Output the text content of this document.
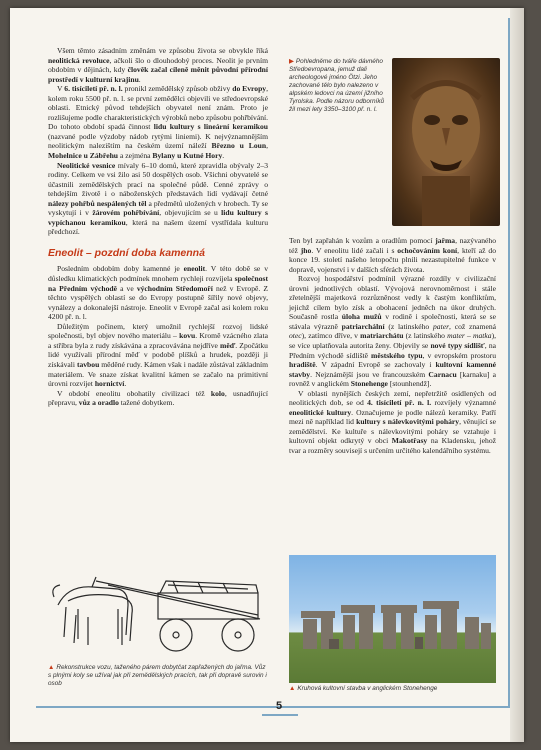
Všem těmto zásadním změnám ve způsobu života se obvykle říká neolitická revoluce, ačkoli šlo o dlouhodobý proces. Neolit je prvním obdobím v dějinách, kdy člověk začal cíleně měnit původní přírodní prostředí v kulturní krajinu.

V 6. tisíciletí př. n. l. pronikl zemědělský způsob obživy do Evropy, kolem roku 5500 př. n. l. se první zemědělci objevili ve středoevropské oblasti. Etnický původ tehdejších obyvatel není znám. Proto je rozlišujeme podle charakteristických výrobků nebo způsobu pohřbívání. Do tohoto období spadá činnost lidu kultury s lineární keramikou (nazvané podle výzdoby nádob rytými liniemi). K nejvýznamnějším neolitickým nalezištím na českém území náleží Březno u Loun, Mohelnice u Zábřehu a zejména Bylany u Kutné Hory.

Neolitické vesnice mívaly 6–10 domů, které zpravidla obývaly 2–3 rodiny. Celkem ve vsi žilo asi 50 dospělých osob. Všichni obyvatelé se účastnili zemědělských prací na společné půdě. Cenné zprávy o tehdejším životě i o náboženských představách lidí vydávají četné nálezy pohřbů nespálených těl a předmětů uložených v hrobech. Ty se vyskytují i v žárovém pohřbívání, objevujícím se u lidu kultury s vypíchanou keramikou, která na našem území vystřídala kulturu předchozí.

Eneolit – pozdní doba kamenná

Posledním obdobím doby kamenné je eneolit. V této době se v důsledku klimatických podmínek mnohem rychleji rozvíjela společnost na Předním východě a ve východním Středomoří než v Evropě. Z těchto vyspělých oblastí se do Evropy postupně šířily nové objevy, vynálezy a dokonalejší nástroje. Eneolit v Evropě začal asi kolem roku 4200 př. n. l.

Důležitým počinem, který umožnil rychlejší rozvoj lidské společnosti, byl objev nového materiálu – kovu. Kromě vzácného zlata a stříbra byla z rudy získávána a zpracovávána nejdříve měď. Zpočátku lidé využívali přírodní měď v podobě plíšků a hrudek, později ji získávali tavbou měděné rudy. Kámen však i nadále zůstával základním materiálem. Ve snaze získat kvalitní kámen se začalo na primitivní úrovni rozvíjet hornictví.

V období eneolitu obohatily civilizaci též kolo, usnadňující přepravu, vůz a oradlo tažené dobytkem.

▶ Pohledněme do tváře dávného Středoevropana, jemuž dali archeologové jméno Ötzi. Jeho zachované tělo bylo nalezeno v alpském ledovci na území jižního Tyrolska. Podle názoru odborníků žil mezi lety 3350–3100 př. n. l.

Ten byl zapřahán k vozům a oradlům pomocí jařma, nazývaného též jho. V eneolitu lidé začali i s ochočováním koní, kteří až do konce 19. století našeho letopočtu plnili nezastupitelné funkce v dopravě, vojenství i v dalších sférách života.

Rozvoj hospodářství podmínil výrazné rozdíly v civilizační úrovni jednotlivých oblastí. Vývojová nerovnoměrnost i stále zřetelnější majetková rozrůzněnost vedly k častým konfliktům, jejichž cílem bylo získ a obohacení jedněch na úkor druhých. Současně rostla úloha mužů v rodině i společnosti, která se se stávala výrazně patriarchální (z latinského pater, což znamená otec), zatímco dříve, v matriarchátu (z latinského mater – matka), se více uplatňovala autorita ženy. Objevily se nové typy sídlišť, na Předním východě sídliště městského typu, v evropském prostoru hradiště. V západní Evropě se zachovaly i kultovní kamenné stavby. Nejznámější jsou ve francouzském Carnacu [karnaku] a rovněž v anglickém Stonehenge [stounhendž].

V oblasti nynějších českých zemí, nepřetržitě osídlených od neolitických dob, se od 4. tisíciletí př. n. l. rozvíjely významné eneolitické kultury. Označujeme je podle nálezů keramiky. Patří mezi ně například lid kultury s nálevkovitými poháry, věnující se zemědělství. Ke kultuře s nálevkovitými poháry se vztahuje i kultovní objekt odkrytý v obci Makotřasy na Kladensku, jehož tvar a rozměry souvisejí s určením určitého kalendářního systému.

▲ Rekonstrukce vozu, taženého párem dobytčat zapřažených do jařma. Vůz s plnými koly se užíval jak při zemědělských pracích, tak při dopravě surovin i osob
▲ Kruhová kultovní stavba v anglickém Stonehenge
5
